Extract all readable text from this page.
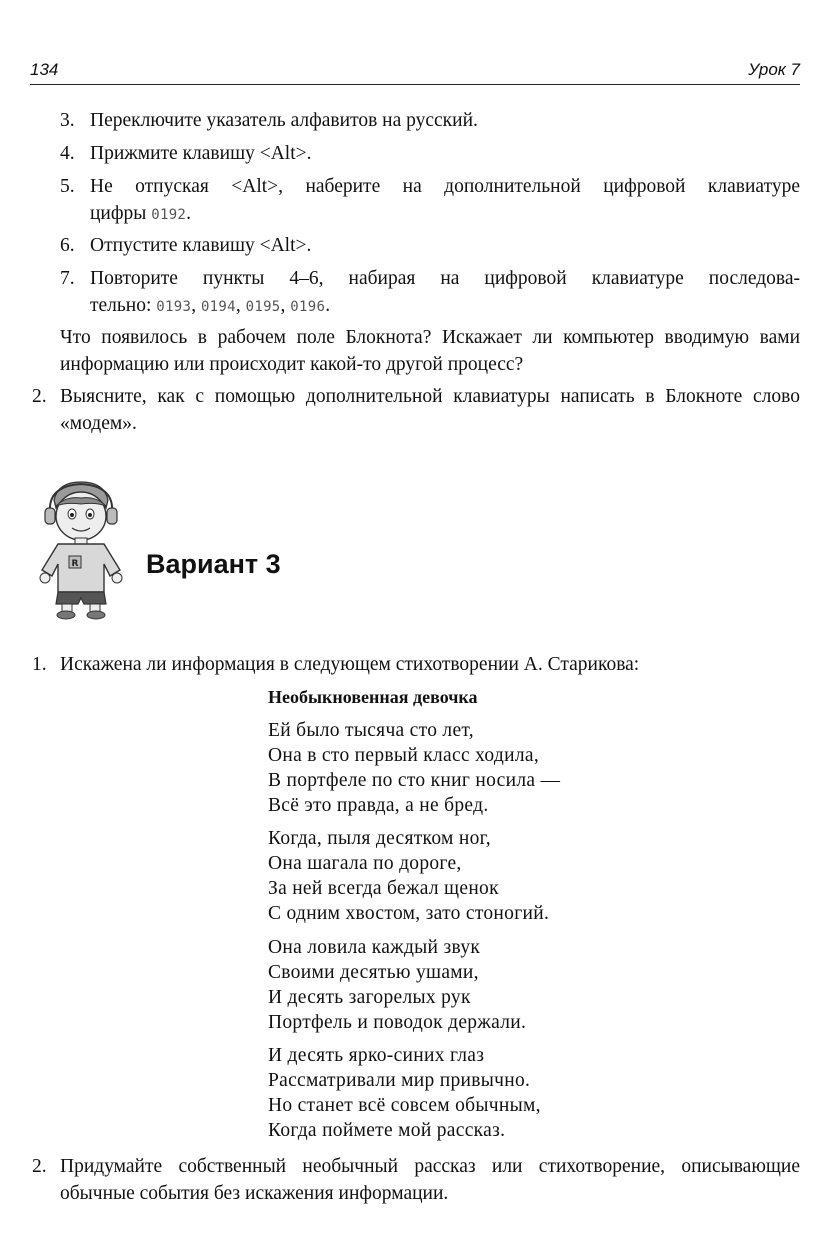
134	Урок 7
3. Переключите указатель алфавитов на русский.
4. Прижмите клавишу <Alt>.
5. Не отпуская <Alt>, наберите на дополнительной цифровой клавиатуре
цифры 0192.
6. Отпустите клавишу <Alt>.
7. Повторите пункты 4–6, набирая на цифровой клавиатуре последова-
тельно: 0193, 0194, 0195, 0196.
Что появилось в рабочем поле Блокнота? Искажает ли компьютер вводимую вами информацию или происходит какой-то другой процесс?
2. Выясните, как с помощью дополнительной клавиатуры написать в Блокноте слово «модем».
R	Вариант 3
1. Искажена ли информация в следующем стихотворении А. Старикова:
Необыкновенная девочка
Ей было тысяча сто лет,
Она в сто первый класс ходила,
В портфеле по сто книг носила —
Всё это правда, а не бред.
Когда, пыля десятком ног,
Она шагала по дороге,
За ней всегда бежал щенок
С одним хвостом, зато стоногий.
Она ловила каждый звук
Своими десятью ушами,
И десять загорелых рук
Портфель и поводок держали.
И десять ярко-синих глаз
Рассматривали мир привычно.
Но станет всё совсем обычным,
Когда поймете мой рассказ.
2. Придумайте собственный необычный рассказ или стихотворение, описывающие обычные события без искажения информации.
